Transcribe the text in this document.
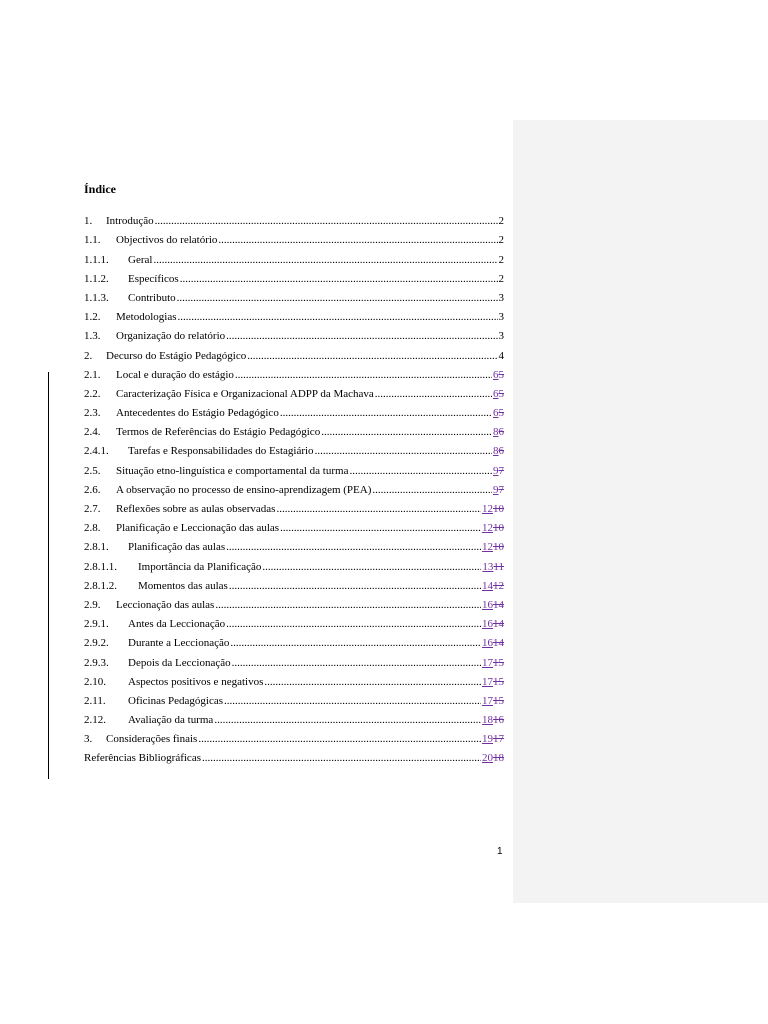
Índice
1.	Introdução .....	2
1.1.	Objectivos do relatório .....	2
1.1.1.	Geral .....	2
1.1.2.	Específicos .....	2
1.1.3.	Contributo .....	3
1.2.	Metodologias .....	3
1.3.	Organização do relatório .....	3
2.	Decurso do Estágio Pedagógico .....	4
2.1.	Local e duração do estágio .....	65
2.2.	Caracterização Física e Organizacional ADPP da Machava .....	65
2.3.	Antecedentes do Estágio Pedagógico .....	65
2.4.	Termos de Referências do Estágio Pedagógico .....	86
2.4.1.	Tarefas e Responsabilidades do Estagiário .....	86
2.5.	Situação etno-linguística e comportamental da turma .....	97
2.6.	A observação no processo de ensino-aprendizagem (PEA) .....	97
2.7.	Reflexões sobre as aulas observadas .....	1210
2.8.	Planificação e Leccionação das aulas .....	1210
2.8.1.	Planificação das aulas .....	1210
2.8.1.1.	Importância da Planificação .....	1311
2.8.1.2.	Momentos das aulas .....	1412
2.9.	Leccionação das aulas .....	1614
2.9.1.	Antes da Leccionação .....	1614
2.9.2.	Durante a Leccionação .....	1614
2.9.3.	Depois da Leccionação .....	1715
2.10.	Aspectos positivos e negativos .....	1715
2.11.	Oficinas Pedagógicas .....	1715
2.12.	Avaliação da turma .....	1816
3.	Considerações finais .....	1917
Referências Bibliográficas .....	2018
1
